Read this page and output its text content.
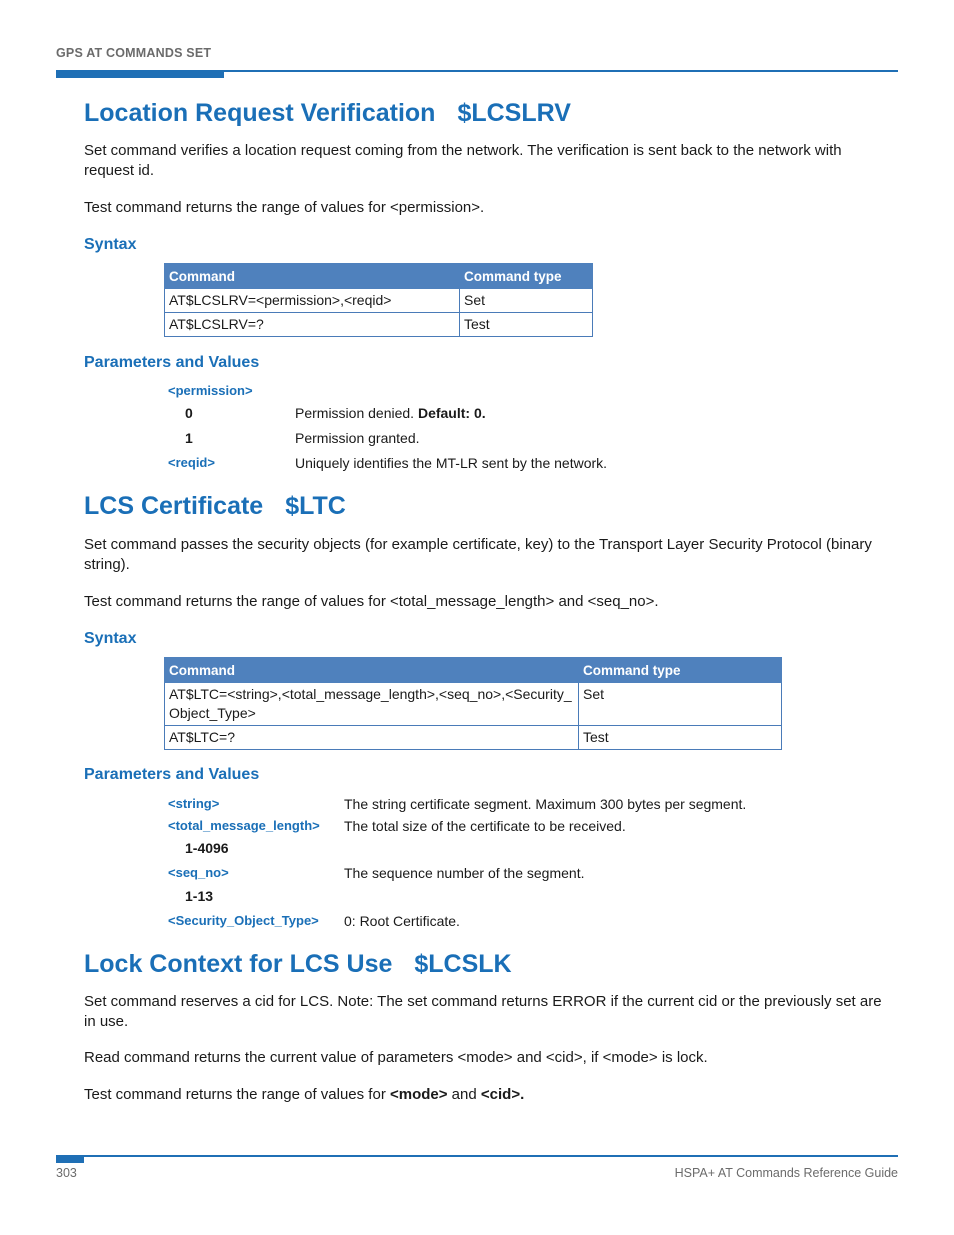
GPS AT COMMANDS SET
Location Request Verification $LCSLRV

Set command verifies a location request coming from the network. The verification is sent back to the network with request id.

Test command returns the range of values for <permission>.

Syntax
Command	Command type
AT$LCSLRV=<permission>,<reqid>	Set
AT$LCSLRV=?	Test
Parameters and Values
<permission>
0	Permission denied. Default: 0.
1	Permission granted.
<reqid>	Uniquely identifies the MT-LR sent by the network.
LCS Certificate $LTC

Set command passes the security objects (for example certificate, key) to the Transport Layer Security Protocol (binary string).

Test command returns the range of values for <total_message_length> and <seq_no>.

Syntax
Command	Command type
AT$LTC=<string>,<total_message_length>,<seq_no>,<Security_ Object_Type>	Set
AT$LTC=?	Test
Parameters and Values
<string>	The string certificate segment. Maximum 300 bytes per segment.
<total_message_length> The total size of the certificate to be received.
1-4096
<seq_no>	The sequence number of the segment.
1-13
<Security_Object_Type> 0: Root Certificate.
Lock Context for LCS Use $LCSLK

Set command reserves a cid for LCS. Note: The set command returns ERROR if the current cid or the previously set are in use.

Read command returns the current value of parameters <mode> and <cid>, if <mode> is lock.

Test command returns the range of values for <mode> and <cid>.

303	HSPA+ AT Commands Reference Guide
